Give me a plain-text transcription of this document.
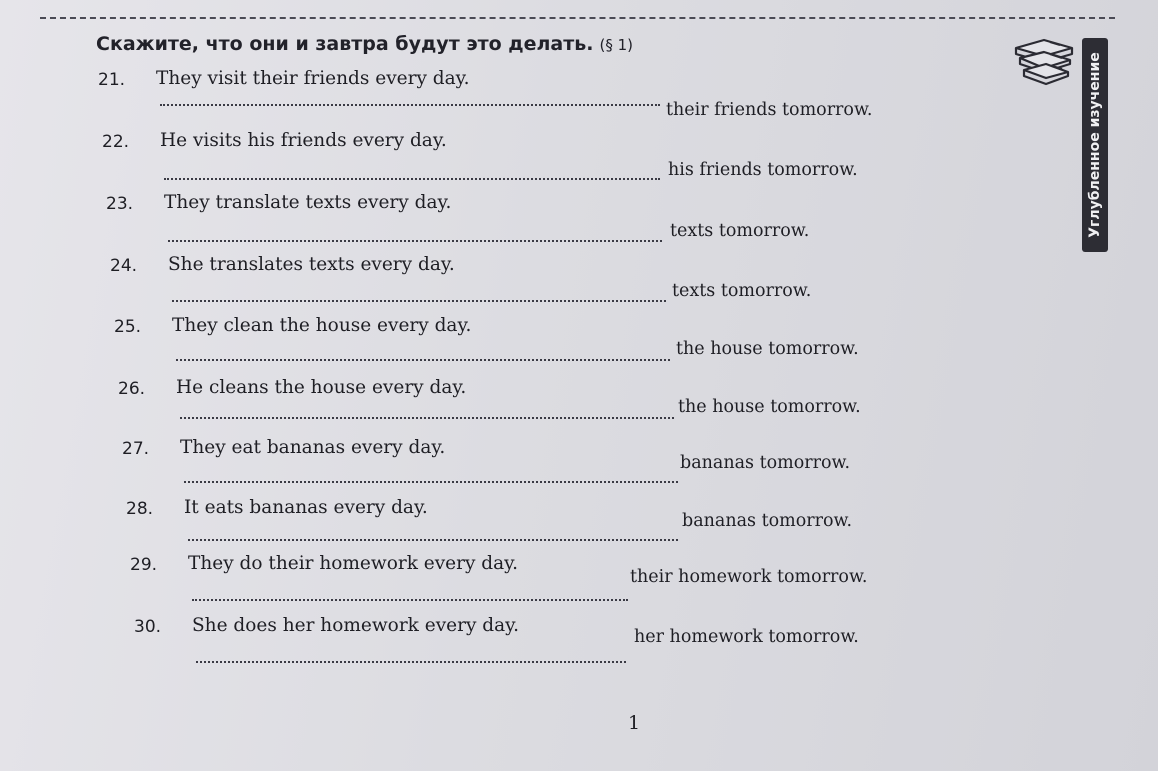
Скажите, что они и завтра будут это делать. (§ 1)
Углубленное изучение
21.	They visit their friends every day.
their friends tomorrow.
22.	He visits his friends every day.
his friends tomorrow.
23.	They translate texts every day.
texts tomorrow.
24.	She translates texts every day.
texts tomorrow.
25.	They clean the house every day.
the house tomorrow.
26.	He cleans the house every day.
the house tomorrow.
27.	They eat bananas every day.
bananas tomorrow.
28.	It eats bananas every day.
bananas tomorrow.
29.	They do their homework every day.
their homework tomorrow.
30.	She does her homework every day.
her homework tomorrow.
1
